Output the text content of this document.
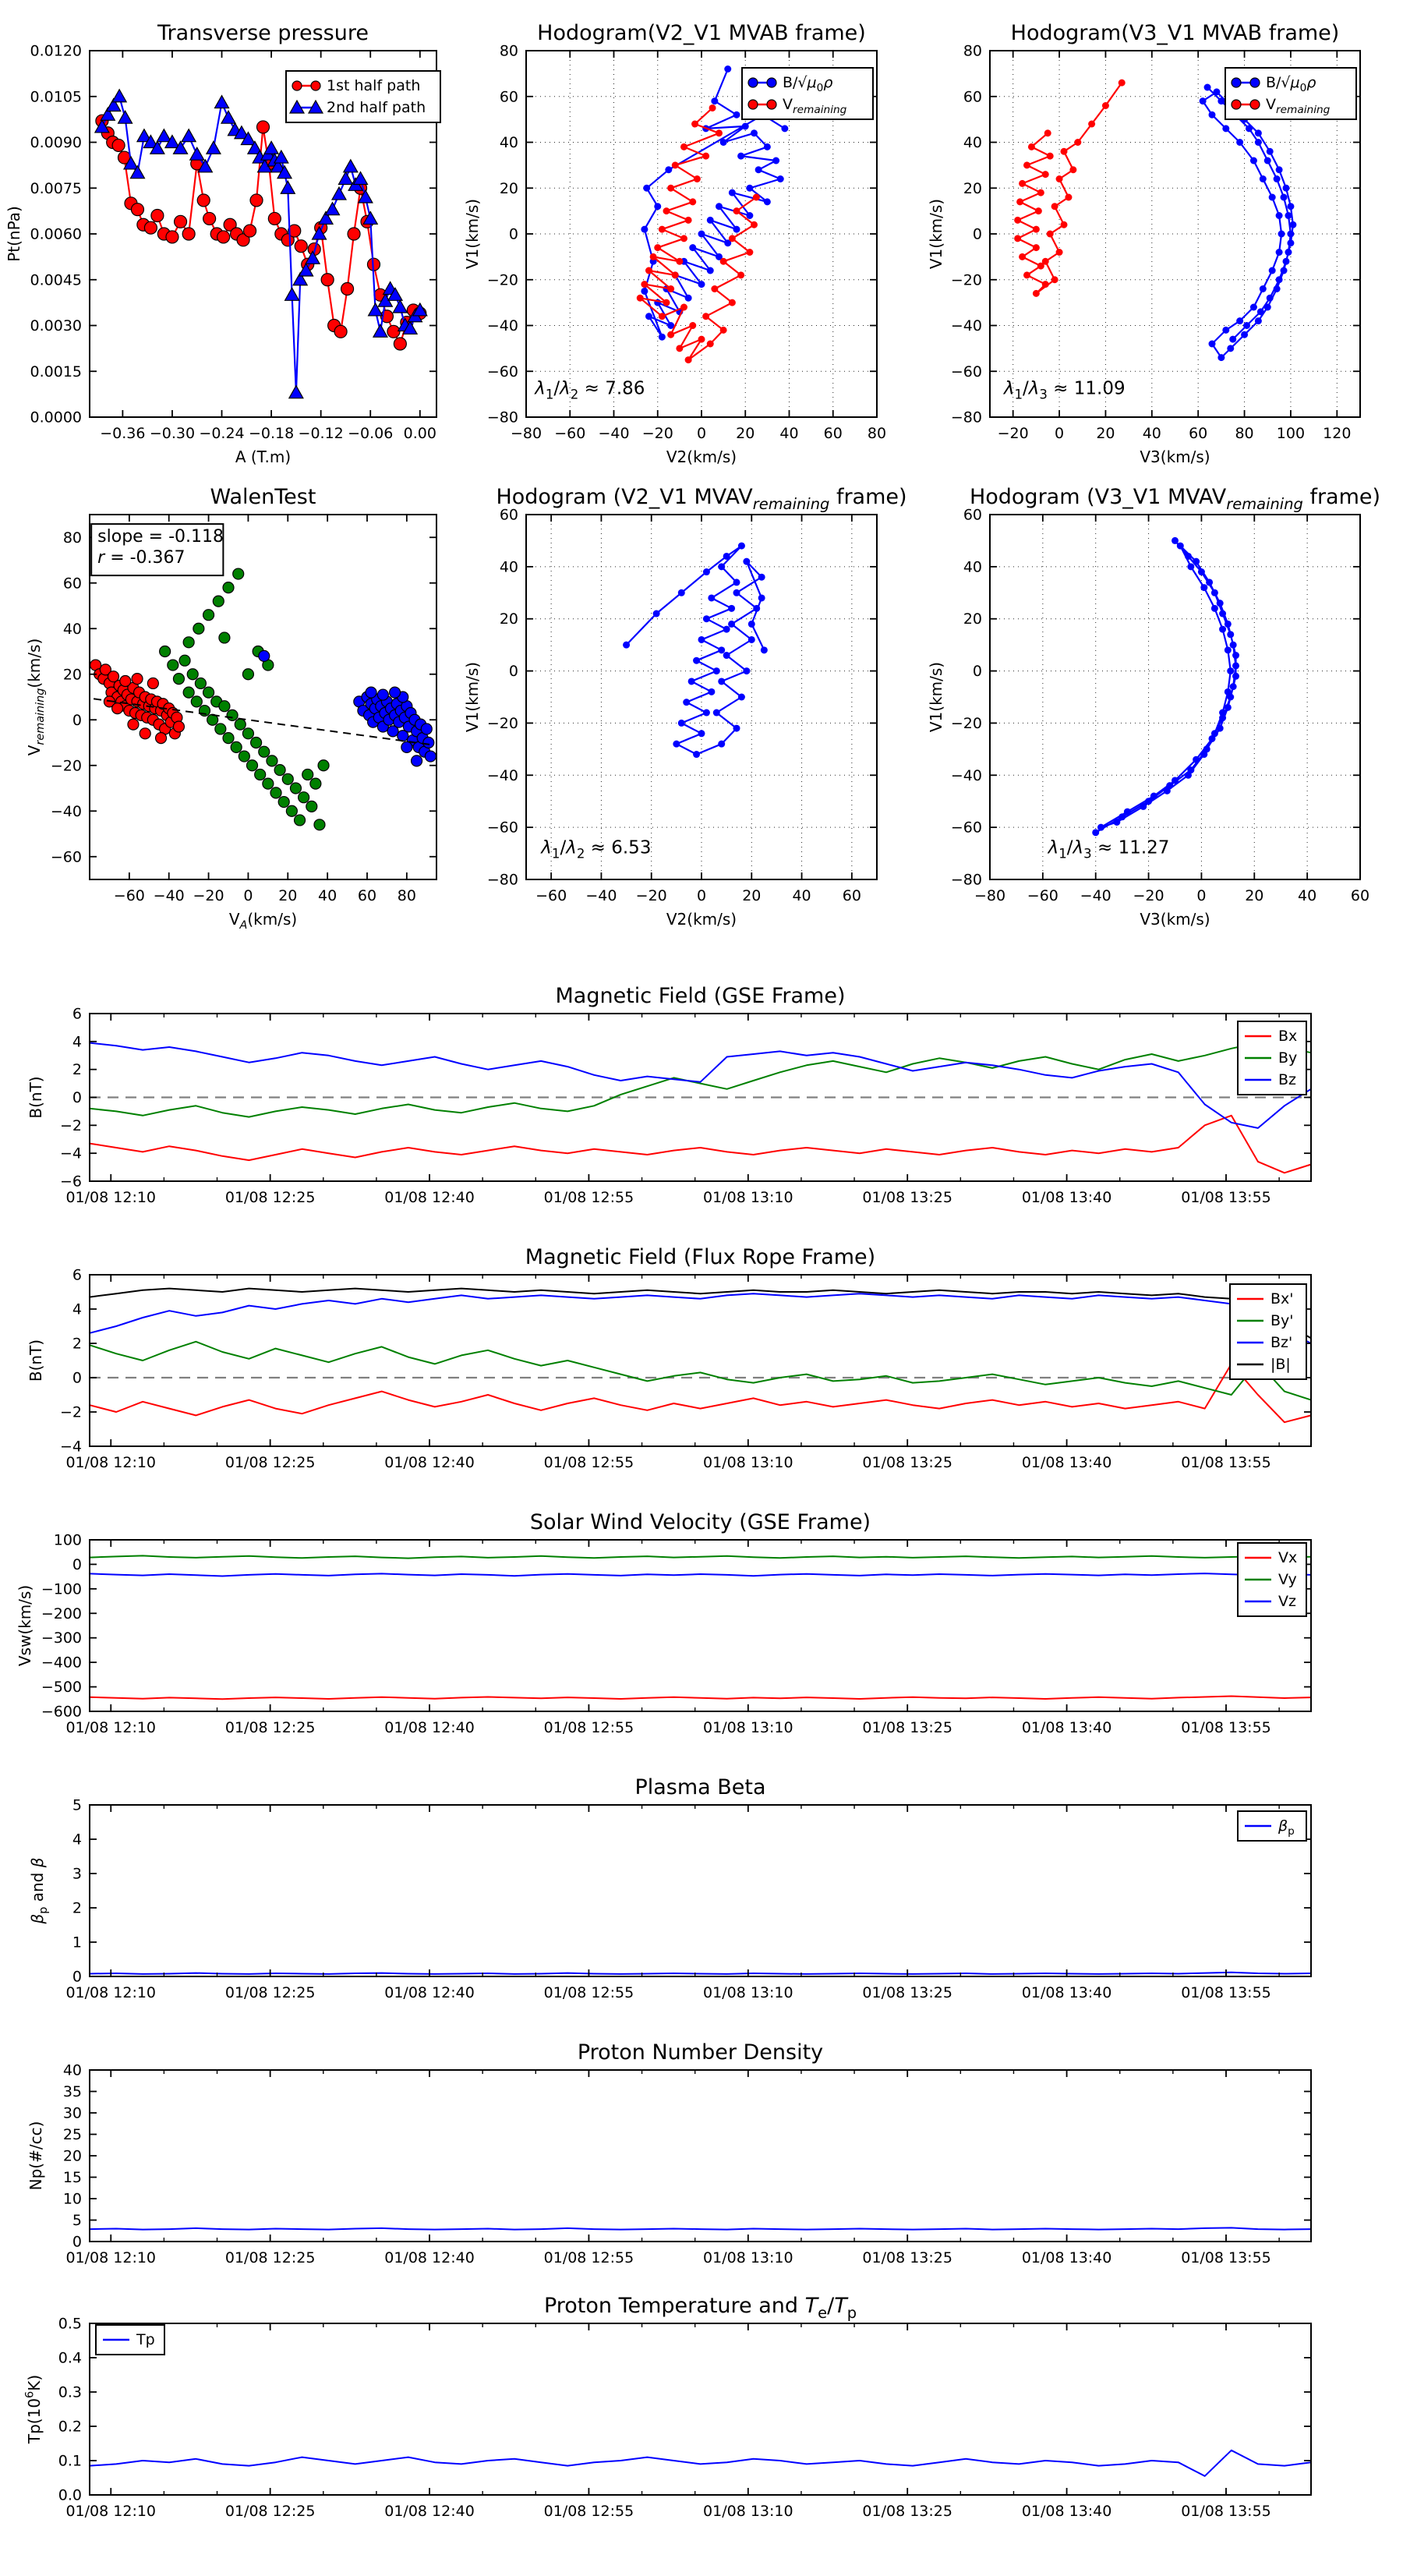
−0.36 −0.30 −0.24 −0.18 −0.12 −0.06 0.00
0.0000
0.0015
0.0030
0.0045
0.0060
0.0075
0.0090
0.0105
0.0120
Transverse pressure
A (T.m)
Pt(nPa)
1st half path
2nd half path
−80 −60 −40 −20 0 20 40 60 80
−80
−60
−40
−20
0
20
40
60
80
Hodogram(V2_V1 MVAB frame)
V2(km/s)
V1(km/s)
$\lambda_1/\lambda_2 \approx 7.86$
$B/√\mu_0\rho$
$V_{remaining}$
−20 0 20 40 60 80 100 120
−80
−60
−40
−20
0
20
40
60
80
Hodogram(V3_V1 MVAB frame)
V3(km/s)
V1(km/s)
$\lambda_1/\lambda_3 \approx 11.09$
$B/√\mu_0\rho$
$V_{remaining}$
−60 −40 −20 0 20 40 60 80
−60
−40
−20
0
20
40
60
80
WalenTest
$V_A(km/s)$
$V_{remaining}(km/s)$
slope = -0.118 r = -0.367
−60 −40 −20 0 20 40 60
−80
−60
−40
−20
0
20
40
60
Hodogram (V2_V1 $MVAV_{remaining}$ frame)
V2(km/s)
V1(km/s)
$\lambda_1/\lambda_2 \approx 6.53$
−80 −60 −40 −20 0	20 40 60
−80
−60
−40
−20
0
20
40
60
Hodogram (V3_V1 $MVAV_{remaining}$ frame)
V3(km/s)
V1(km/s)
$\lambda_1/\lambda_3 \approx 11.27$
01/08 12:10	01/08 12:25	01/08 12:40	01/08 12:55	01/08 13:10	01/08 13:25	01/08 13:40	01/08 13:55
−6
−4
−2
0
2
4
6
Magnetic Field (GSE Frame)
B(nT)
Bx
By
Bz
01/08 12:10	01/08 12:25	01/08 12:40	01/08 12:55	01/08 13:10	01/08 13:25	01/08 13:40	01/08 13:55
−4
−2
0
2
4
6
Magnetic Field (Flux Rope Frame)
B(nT)
Bx'
By'
Bz'
|B|
01/08 12:10	01/08 12:25	01/08 12:40	01/08 12:55	01/08 13:10	01/08 13:25	01/08 13:40	01/08 13:55
−600
−500
−400
−300
−200
−100
0
100
Solar Wind Velocity (GSE Frame)
Vsw(km/s)
Vx
Vy
Vz
01/08 12:10	01/08 12:25	01/08 12:40	01/08 12:55	01/08 13:10	01/08 13:25	01/08 13:40	01/08 13:55
0
1
2
3
4
5
Plasma Beta
$\beta_p$ and β
$\beta_p$
01/08 12:10	01/08 12:25	01/08 12:40	01/08 12:55	01/08 13:10	01/08 13:25	01/08 13:40	01/08 13:55
0
5
10
15
20
25
30
35
40
Proton Number Density
Np(#/cc)
01/08 12:10	01/08 12:25	01/08 12:40	01/08 12:55	01/08 13:10	01/08 13:25	01/08 13:40	01/08 13:55
0.0
0.1
0.2
0.3
0.4
0.5
Proton Temperature and $T_e/T_p$
$Tp(10^6K)$
Tp
